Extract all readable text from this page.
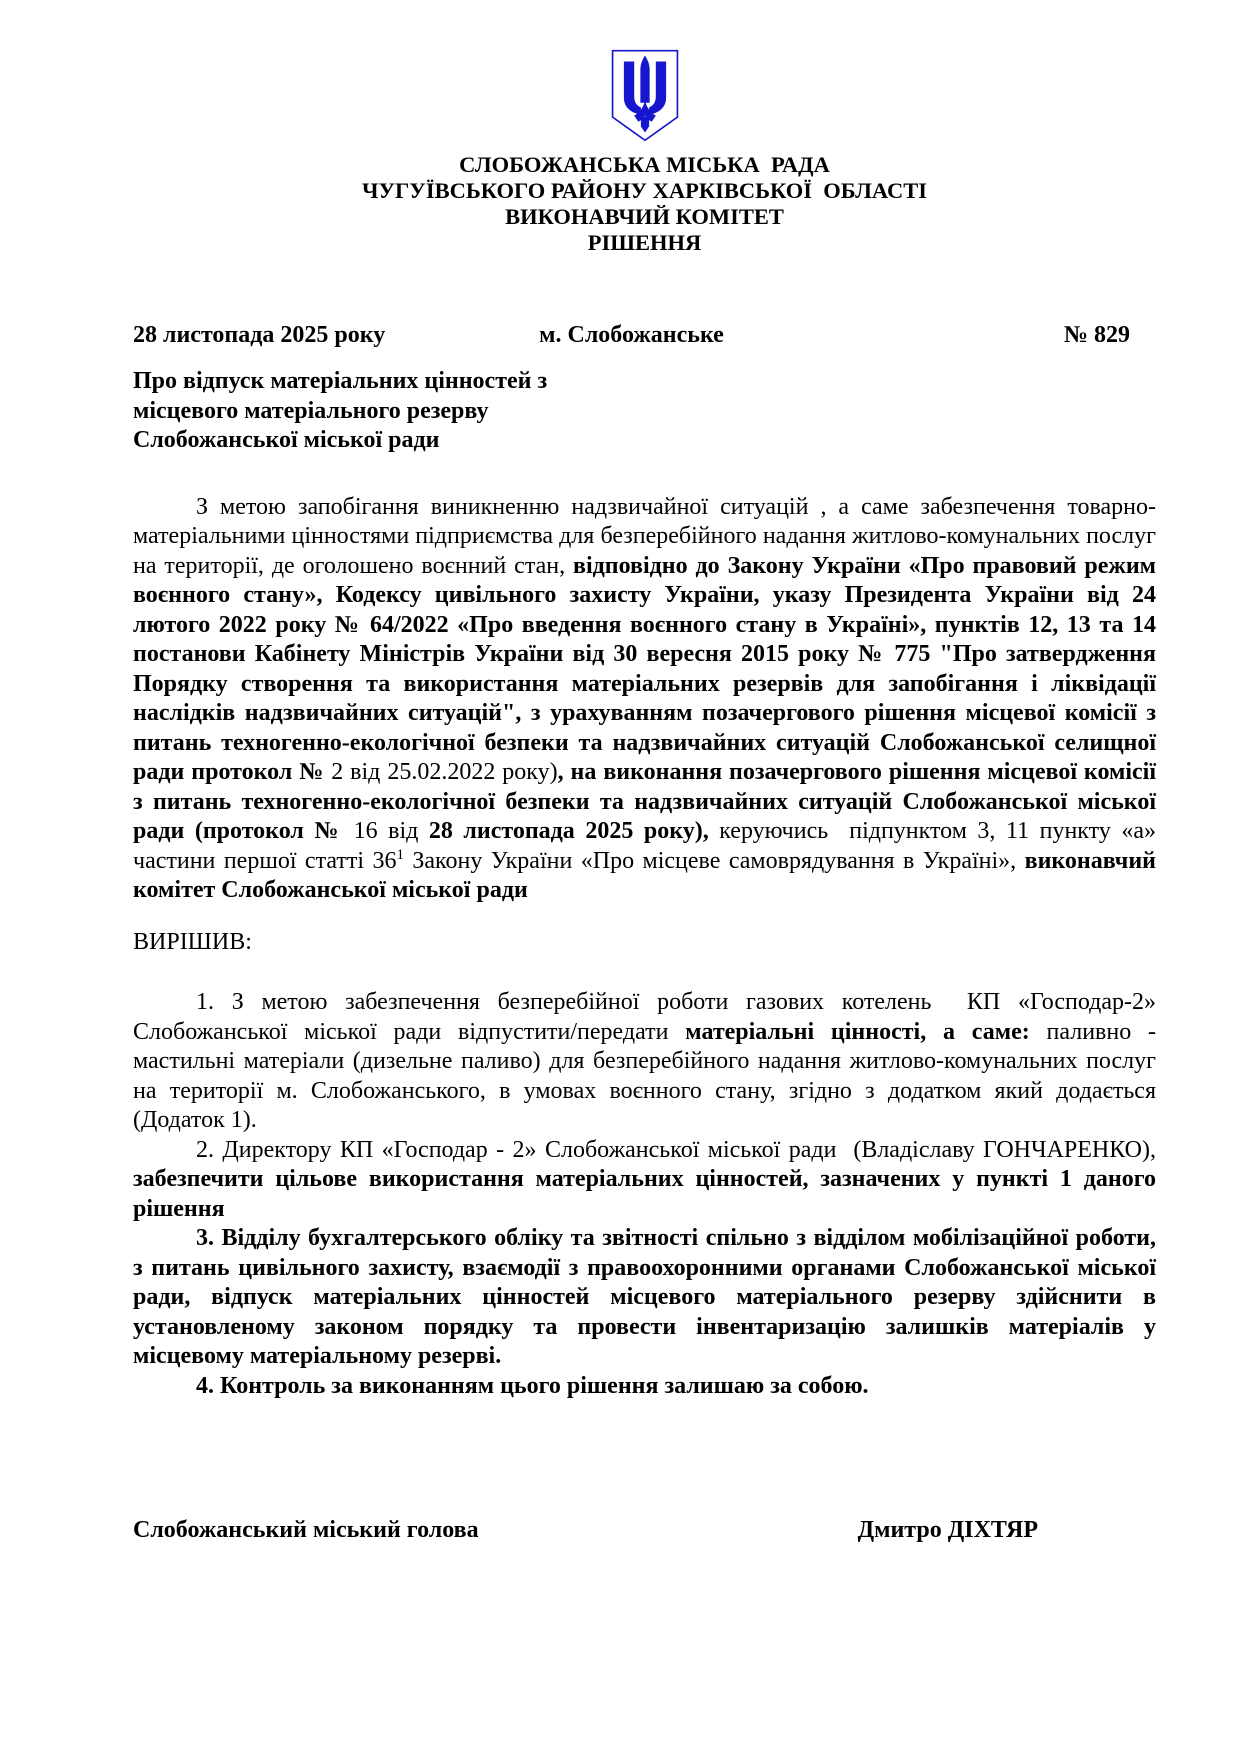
СЛОБОЖАНСЬКА МІСЬКА  РАДА
ЧУГУЇВСЬКОГО РАЙОНУ ХАРКІВСЬКОЇ  ОБЛАСТІ
ВИКОНАВЧИЙ КОМІТЕТ
РІШЕННЯ
28 листопада 2025 року	м. Слобожанське	№ 829
Про відпуск матеріальних цінностей з
місцевого матеріального резерву
Слобожанської міської ради

З метою запобігання виникненню надзвичайної ситуацій , а саме забезпечення товарно-матеріальними цінностями підприємства для безперебійного надання житлово-комунальних послуг на території, де оголошено воєнний стан, відповідно до Закону України «Про правовий режим воєнного стану», Кодексу цивільного захисту України, указу Президента України від 24 лютого 2022 року № 64/2022 «Про введення воєнного стану в Україні», пунктів 12, 13 та 14 постанови Кабінету Міністрів України від 30 вересня 2015 року № 775 "Про затвердження Порядку створення та використання матеріальних резервів для запобігання і ліквідації наслідків надзвичайних ситуацій", з урахуванням позачергового рішення місцевої комісії з питань техногенно-екологічної безпеки та надзвичайних ситуацій Слобожанської селищної ради протокол № 2 від 25.02.2022 року), на виконання позачергового рішення місцевої комісії з питань техногенно-екологічної безпеки та надзвичайних ситуацій Слобожанської міської ради (протокол № 16 від 28 листопада 2025 року), керуючись  підпунктом 3, 11 пункту «а» частини першої статті $36^1$ Закону України «Про місцеве самоврядування в Україні», виконавчий комітет Слобожанської міської ради

ВИРІШИВ:

1. З метою забезпечення безперебійної роботи газових котелень  КП «Господар-2» Слобожанської міської ради відпустити/передати матеріальні цінності, а саме: паливно - мастильні матеріали (дизельне паливо) для безперебійного надання житлово-комунальних послуг на території м. Слобожанського, в умовах воєнного стану, згідно з додатком який додається (Додаток 1).

2. Директору КП «Господар - 2» Слобожанської міської ради  (Владіславу ГОНЧАРЕНКО), забезпечити цільове використання матеріальних цінностей, зазначених у пункті 1 даного рішення

3. Відділу бухгалтерського обліку та звітності спільно з відділом мобілізаційної роботи, з питань цивільного захисту, взаємодії з правоохоронними органами Слобожанської міської ради, відпуск матеріальних цінностей місцевого матеріального резерву здійснити в установленому законом порядку та провести інвентаризацію залишків матеріалів у місцевому матеріальному резерві.

4. Контроль за виконанням цього рішення залишаю за собою.

Слобожанський міський голова	Дмитро ДІХТЯР
